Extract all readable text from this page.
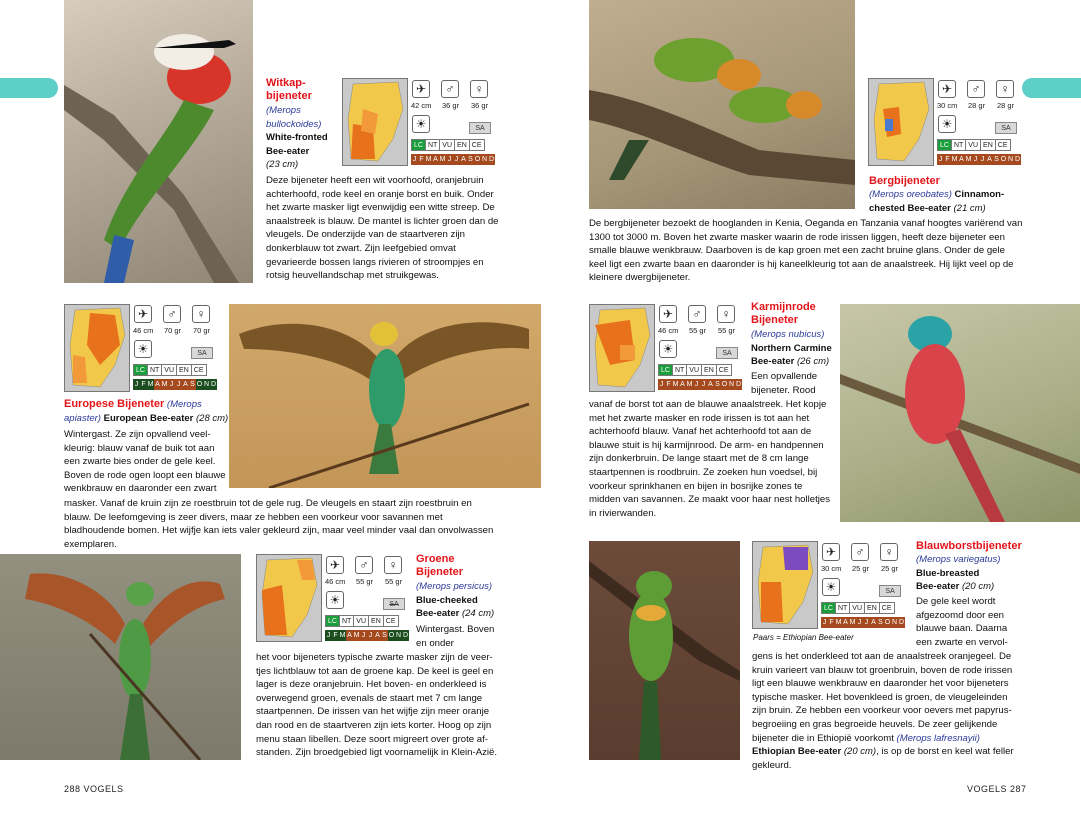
Witkap-
bijeneter
(Merops
bullockoides)
White-fronted
Bee-eater
(23 cm)
✈	♂	♀
42 cm 36 gr 36 gr
☀	SA
LC NT VU EN CE
J F M A M J J A S O N D
Deze bijeneter heeft een wit voorhoofd, oranjebruin achterhoofd, rode keel en oranje borst en buik. Onder het zwarte masker ligt evenwijdig een witte streep. De anaalstreek is blauw. De mantel is lichter groen dan de vleugels. De onderzijde van de staartveren zijn donkerblauw tot zwart. Zijn leefgebied omvat gevarieerde bossen langs rivieren of stroompjes en rotsig heuvellandschap met struikgewas.
✈	♂	♀
46 cm 70 gr 70 gr
☀	SA
LC NT VU EN CE
J F M A M J J A S O N D
Europese Bijeneter (Merops apiaster) European Bee-eater (28 cm)
Wintergast. Ze zijn opvallend veel-kleurig: blauw vanaf de buik tot aan een zwarte bies onder de gele keel. Boven de rode ogen loopt een blauwe wenkbrauw en daaronder een zwart
masker. Vanaf de kruin zijn ze roestbruin tot de gele rug. De vleugels en staart zijn roestbruin en blauw. De leefomgeving is zeer divers, maar ze hebben een voorkeur voor savannen met bladhoudende bomen. Het wijfje kan iets valer gekleurd zijn, maar veel minder vaal dan onvolwassen exemplaren.
✈	♂	♀
46 cm 55 gr 55 gr
☀	SA
LC NT VU EN CE
J F M A M J J A S O N D
Groene
Bijeneter
(Merops persicus)
Blue-cheeked
Bee-eater (24 cm)
Wintergast. Boven en onder
het voor bijeneters typische zwarte masker zijn de veer-tjes lichtblauw tot aan de groene kap. De keel is geel en lager is deze oranjebruin. Het boven- en onderkleed is overwegend groen, evenals de staart met 7 cm lange staartpennen. De irissen van het wijfje zijn meer oranje dan rood en de staartveren zijn iets korter. Hoog op zijn menu staan libellen. Deze soort migreert over grote af-standen. Zijn broedgebied ligt voornamelijk in Klein-Azië.
288 VOGELS
✈	♂	♀
30 cm 28 gr 28 gr
☀	SA
LC NT VU EN CE
J F M A M J J A S O N D
Bergbijeneter
(Merops oreobates) Cinnamon-
chested Bee-eater (21 cm)
De bergbijeneter bezoekt de hooglanden in Kenia, Oeganda en Tanzania vanaf hoogtes variërend van 1300 tot 3000 m. Boven het zwarte masker waarin de rode irissen liggen, heeft deze bijeneter een smalle blauwe wenkbrauw. Daarboven is de kap groen met een zacht bruine glans. Onder de gele keel ligt een zwarte baan en daaronder is hij kaneelkleurig tot aan de anaalstreek. Hij lijkt veel op de kleinere dwergbijeneter.
✈	♂	♀
46 cm 55 gr 55 gr
☀	SA
LC NT VU EN CE
J F M A M J J A S O N D
Karmijnrode
Bijeneter
(Merops nubicus)
Northern Carmine
Bee-eater (26 cm)
Een opvallende bijeneter. Rood
vanaf de borst tot aan de blauwe anaalstreek. Het kopje met het zwarte masker en rode irissen is tot aan het achterhoofd blauw. Vanaf het achterhoofd tot aan de blauwe stuit is hij karmijnrood. De arm- en handpennen zijn donkerbruin. De lange staart met de 8 cm lange staartpennen is roodbruin. Ze zoeken hun voedsel, bij voorkeur sprinkhanen en bijen in bosrijke zones te midden van savannen. Ze maakt voor haar nest holletjes in rivierwanden.
✈	♂	♀
30 cm 25 gr 25 gr
☀	SA
LC NT VU EN CE
J F M A M J J A S O N D
Paars = Ethiopian Bee-eater
Blauwborstbijeneter
(Merops variegatus)
Blue-breasted
Bee-eater (20 cm)
De gele keel wordt afgezoomd door een blauwe baan. Daarna een zwarte en vervol-
gens is het onderkleed tot aan de anaalstreek oranjegeel. De kruin varieert van blauw tot groenbruin, boven de rode irissen ligt een blauwe wenkbrauw en daaronder het voor bijeneters typische masker. Het bovenkleed is groen, de vleugeleinden zijn bruin. Ze hebben een voorkeur voor oevers met papyrus-begroeiing en gras begroeide heuvels. De zeer gelijkende bijeneter die in Ethiopië voorkomt (Merops lafresnayii) Ethiopian Bee-eater (20 cm), is op de borst en keel wat feller gekleurd.
VOGELS 287
